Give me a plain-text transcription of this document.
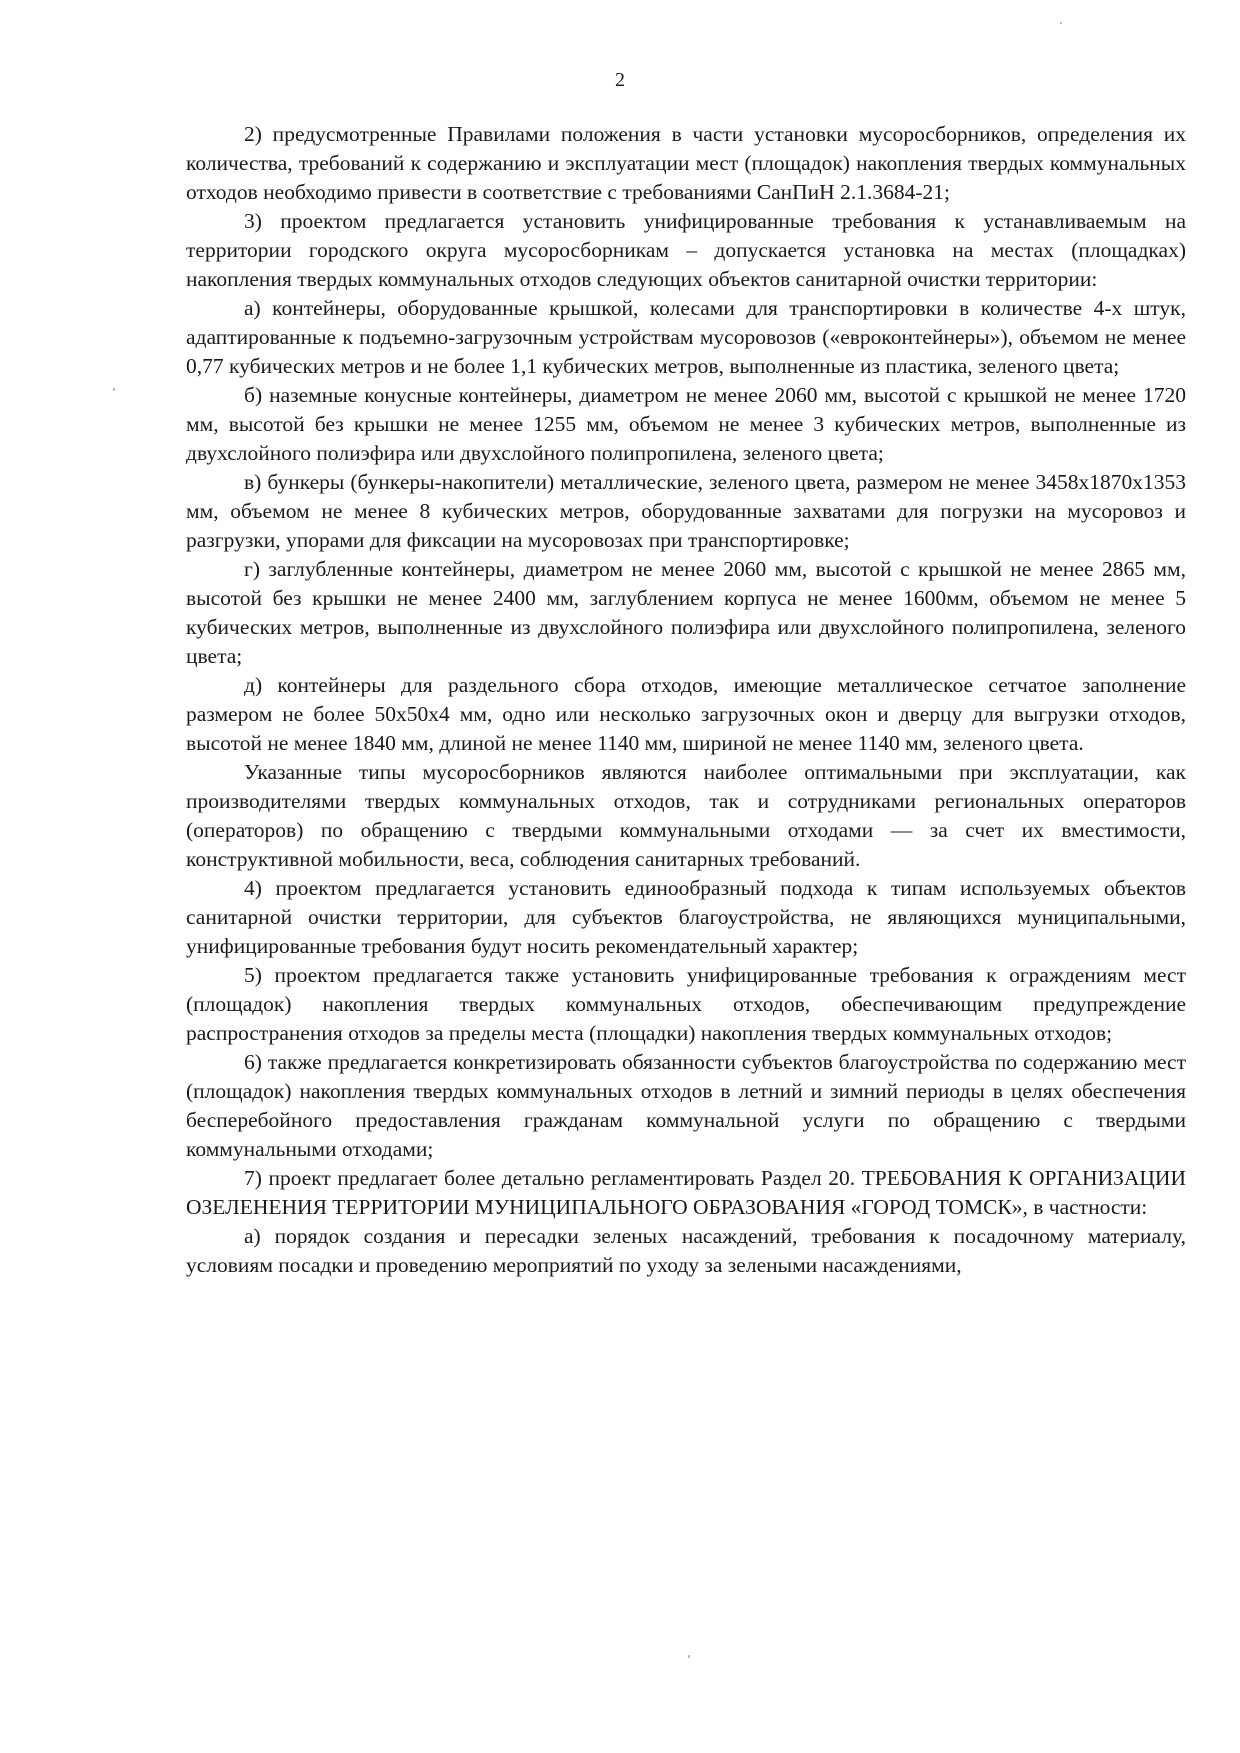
2

2) предусмотренные Правилами положения в части установки мусоросборников, определения их количества, требований к содержанию и эксплуатации мест (площадок) накопления твердых коммунальных отходов необходимо привести в соответствие с требованиями СанПиН 2.1.3684-21;

3) проектом предлагается установить унифицированные требования к устанавливаемым на территории городского округа мусоросборникам – допускается установка на местах (площадках) накопления твердых коммунальных отходов следующих объектов санитарной очистки территории:

а) контейнеры, оборудованные крышкой, колесами для транспортировки в количестве 4-х штук, адаптированные к подъемно-загрузочным устройствам мусоровозов («евроконтейнеры»), объемом не менее 0,77 кубических метров и не более 1,1 кубических метров, выполненные из пластика, зеленого цвета;

б) наземные конусные контейнеры, диаметром не менее 2060 мм, высотой с крышкой не менее 1720 мм, высотой без крышки не менее 1255 мм, объемом не менее 3 кубических метров, выполненные из двухслойного полиэфира или двухслойного полипропилена, зеленого цвета;

в) бункеры (бункеры-накопители) металлические, зеленого цвета, размером не менее 3458х1870х1353 мм, объемом не менее 8 кубических метров, оборудованные захватами для погрузки на мусоровоз и разгрузки, упорами для фиксации на мусоровозах при транспортировке;

г) заглубленные контейнеры, диаметром не менее 2060 мм, высотой с крышкой не менее 2865 мм, высотой без крышки не менее 2400 мм, заглублением корпуса не менее 1600мм, объемом не менее 5 кубических метров, выполненные из двухслойного полиэфира или двухслойного полипропилена, зеленого цвета;

д) контейнеры для раздельного сбора отходов, имеющие металлическое сетчатое заполнение размером не более 50х50х4 мм, одно или несколько загрузочных окон и дверцу для выгрузки отходов, высотой не менее 1840 мм, длиной не менее 1140 мм, шириной не менее 1140 мм, зеленого цвета.

Указанные типы мусоросборников являются наиболее оптимальными при эксплуатации, как производителями твердых коммунальных отходов, так и сотрудниками региональных операторов (операторов) по обращению с твердыми коммунальными отходами — за счет их вместимости, конструктивной мобильности, веса, соблюдения санитарных требований.

4) проектом предлагается установить единообразный подхода к типам используемых объектов санитарной очистки территории, для субъектов благоустройства, не являющихся муниципальными, унифицированные требования будут носить рекомендательный характер;

5) проектом предлагается также установить унифицированные требования к ограждениям мест (площадок) накопления твердых коммунальных отходов, обеспечивающим предупреждение распространения отходов за пределы места (площадки) накопления твердых коммунальных отходов;

6) также предлагается конкретизировать обязанности субъектов благоустройства по содержанию мест (площадок) накопления твердых коммунальных отходов в летний и зимний периоды в целях обеспечения бесперебойного предоставления гражданам коммунальной услуги по обращению с твердыми коммунальными отходами;

7) проект предлагает более детально регламентировать Раздел 20. ТРЕБОВАНИЯ К ОРГАНИЗАЦИИ ОЗЕЛЕНЕНИЯ ТЕРРИТОРИИ МУНИЦИПАЛЬНОГО ОБРАЗОВАНИЯ «ГОРОД ТОМСК», в частности:

а) порядок создания и пересадки зеленых насаждений, требования к посадочному материалу, условиям посадки и проведению мероприятий по уходу за зелеными насаждениями,
